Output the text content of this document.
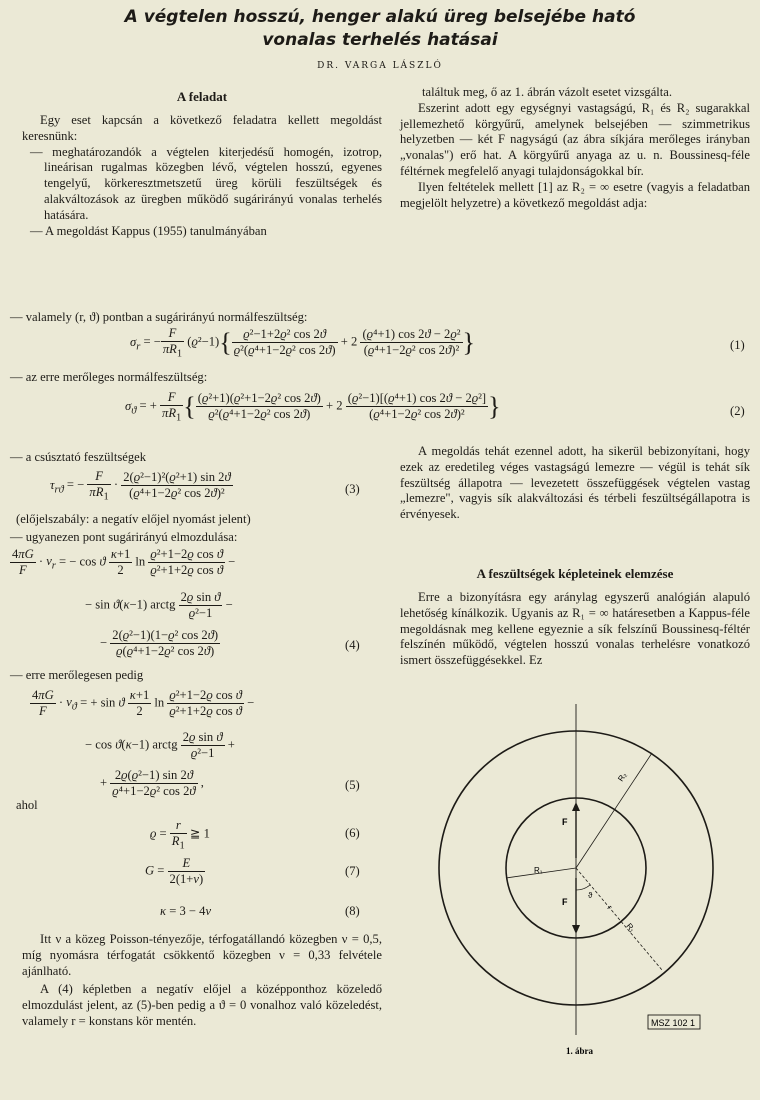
A végtelen hosszú, henger alakú üreg belsejébe ható
vonalas terhelés hatásai
DR. VARGA LÁSZLÓ
A feladat

Egy eset kapcsán a következő feladatra kellett megoldást keresnünk:

— meghatározandók a végtelen kiterjedésű homogén, izotrop, lineárisan rugalmas közegben lévő, végtelen hosszú, egyenes tengelyű, körkeresztmetszetű üreg körüli feszültségek és alakváltozások az üregben működő sugárirányú vonalas terhelés hatására.

— A megoldást Kappus (1955) tanulmányában

találtuk meg, ő az 1. ábrán vázolt esetet vizsgálta.

Eszerint adott egy egységnyi vastagságú, R₁ és R₂ sugarakkal jellemezhető körgyűrű, amelynek belsejében — szimmetrikus helyzetben — két F nagyságú (az ábra síkjára merőleges irányban „vonalas") erő hat. A körgyűrű anyaga az u. n. Boussinesq-féle féltérnek megfelelő anyagi tulajdonságokkal bír.

Ilyen feltételek mellett [1] az R₂ = ∞ esetre (vagyis a feladatban megjelölt helyzetre) a következő megoldást adja:

— valamely (r, ϑ) pontban a sugárirányú normálfeszültség:
$\sigma_r$ = − $\frac{F}{\pi R_1} (ϱ^2-1)\{ \frac{\text{ϱ²−1+2ϱ² cos 2ϑ}}{\text{ϱ²(ϱ⁴+1−2ϱ² cos 2ϑ)}} + 2 \frac{\text{(ϱ⁴+1) cos 2ϑ − 2ϱ²}}{\text{(ϱ⁴+1−2ϱ² cos 2ϑ)²}}$ }	(1)
— az erre merőleges normálfeszültség:
$\sigma_ϑ$ = + $\frac{F}{\pi R_1}$ { $\frac{\text{(ϱ²+1)(ϱ²+1−2ϱ² cos 2ϑ)}}{\text{ϱ²(ϱ⁴+1−2ϱ² cos 2ϑ)}} + 2 \frac{\text{(ϱ²−1)[(ϱ⁴+1) cos 2ϑ − 2ϱ²]}}{\text{(ϱ⁴+1−2ϱ² cos 2ϑ)²}}$ }	(2)
— a csúsztató feszültségek
$\tau_{rϑ}$ = − $\frac{F}{\pi R_1} \cdot \frac{\text{2(ϱ²−1)²(ϱ²+1) sin 2ϑ}}{\text{(ϱ⁴+1−2ϱ² cos 2ϑ)²}}$	(3)
(előjelszabály: a negatív előjel nyomást jelent)
— ugyanezen pont sugárirányú elmozdulása:
$\frac{4\pi G}{F} \cdot v_r$ = − cos ϑ $\frac{\kappa+1}{2}$ $\ln \frac{\text{ϱ²+1−2ϱ cos ϑ}}{\text{ϱ²+1+2ϱ cos ϑ}}$ −
− sin ϑ(κ−1) arctg $\frac{\text{2ϱ sin ϑ}}{\text{ϱ²−1}}$ −
− $\frac{\text{2(ϱ²−1)(1−ϱ² cos 2ϑ)}}{\text{ϱ(ϱ⁴+1−2ϱ² cos 2ϑ)}}$	(4)
— erre merőlegesen pedig
$\frac{4\pi G}{F} \cdot v_ϑ$ = + sin ϑ $\frac{\kappa+1}{2}$ $\ln \frac{\text{ϱ²+1−2ϱ cos ϑ}}{\text{ϱ²+1+2ϱ cos ϑ}}$ −
− cos ϑ(κ−1) arctg $\frac{\text{2ϱ sin ϑ}}{\text{ϱ²−1}}$ +
+ $\frac{\text{2ϱ(ϱ²−1) sin 2ϑ}}{\text{ϱ⁴+1−2ϱ² cos 2ϑ}}$ ,	(5)
ahol
$ϱ = \frac{r}{R_1}$ ≧ 1	(6)
$G = \frac{E}{2(1+\nu)}$	(7)
κ = 3 − 4ν	(8)

Itt ν a közeg Poisson-tényezője, térfogatállandó közegben ν = 0,5, míg nyomásra térfogatát csökkentő közegben ν = 0,33 felvétele ajánlható.

A (4) képletben a negatív előjel a középponthoz közeledő elmozdulást jelent, az (5)-ben pedig a ϑ = 0 vonalhoz való közeledést, valamely r = konstans kör mentén.

A megoldás tehát ezennel adott, ha sikerül bebizonyítani, hogy ezek az eredetileg véges vastagságú lemezre — végül is tehát sík feszültség állapotra — levezetett összefüggések végtelen vastag „lemezre", vagyis sík alakváltozási és térbeli feszültségállapotra is érvényesek.

A feszültségek képleteinek elemzése

Erre a bizonyításra egy aránylag egyszerű analógián alapuló lehetőség kínálkozik. Ugyanis az R₁ = ∞ határesetben a Kappus-féle megoldásnak meg kellene egyeznie a sík felszínű Boussinesq-féltér felszínén működő, végtelen hosszú vonalas terhelésre vonatkozó ismert összefüggésekkel. Ez

F
F
R₁
R₂
ϑ
r
R₁
MSZ 102 1
1. ábra
